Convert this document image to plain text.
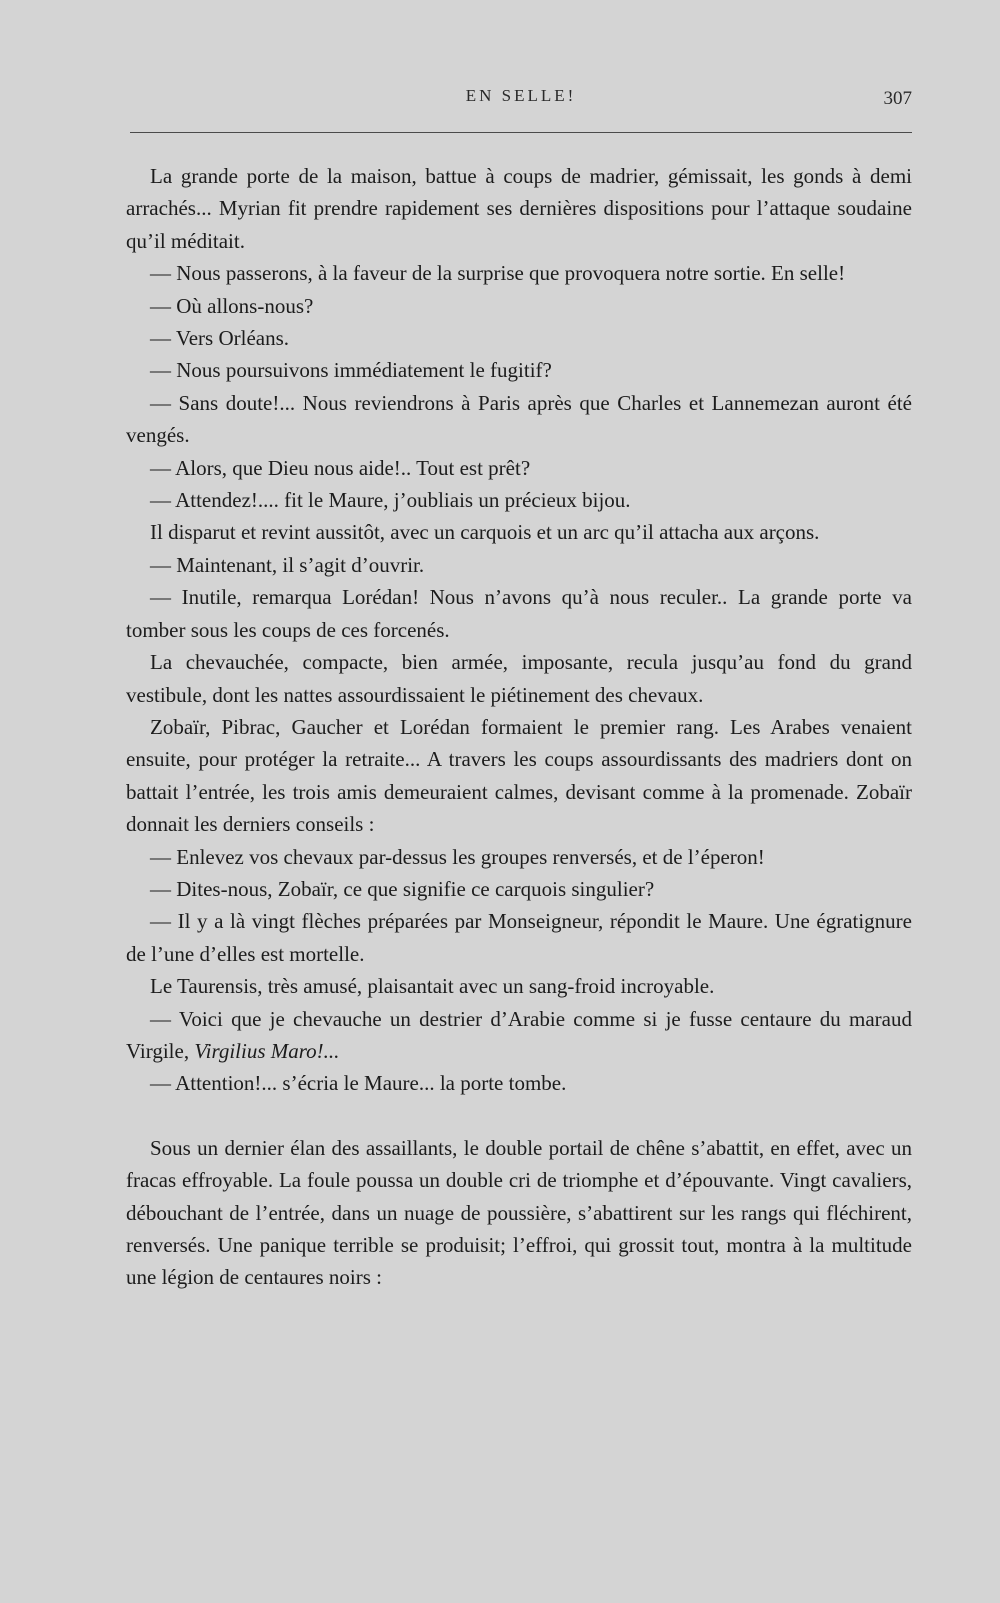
EN SELLE!	307

La grande porte de la maison, battue à coups de madrier, gémissait, les gonds à demi arrachés... Myrian fit prendre rapidement ses dernières dispositions pour l’attaque soudaine qu’il méditait.

— Nous passerons, à la faveur de la surprise que provoquera notre sortie. En selle!

— Où allons-nous?

— Vers Orléans.

— Nous poursuivons immédiatement le fugitif?

— Sans doute!... Nous reviendrons à Paris après que Charles et Lannemezan auront été vengés.

— Alors, que Dieu nous aide!.. Tout est prêt?

— Attendez!.... fit le Maure, j’oubliais un précieux bijou.

Il disparut et revint aussitôt, avec un carquois et un arc qu’il attacha aux arçons.

— Maintenant, il s’agit d’ouvrir.

— Inutile, remarqua Lorédan! Nous n’avons qu’à nous reculer.. La grande porte va tomber sous les coups de ces forcenés.

La chevauchée, compacte, bien armée, imposante, recula jusqu’au fond du grand vestibule, dont les nattes assourdissaient le piétinement des chevaux.

Zobaïr, Pibrac, Gaucher et Lorédan formaient le premier rang. Les Arabes venaient ensuite, pour protéger la retraite... A travers les coups assourdissants des madriers dont on battait l’entrée, les trois amis demeuraient calmes, devisant comme à la promenade. Zobaïr donnait les derniers conseils :

— Enlevez vos chevaux par-dessus les groupes renversés, et de l’éperon!

— Dites-nous, Zobaïr, ce que signifie ce carquois singulier?

— Il y a là vingt flèches préparées par Monseigneur, répondit le Maure. Une égratignure de l’une d’elles est mortelle.

Le Taurensis, très amusé, plaisantait avec un sang-froid incroyable.

— Voici que je chevauche un destrier d’Arabie comme si je fusse centaure du maraud Virgile, Virgilius Maro!...

— Attention!... s’écria le Maure... la porte tombe.

Sous un dernier élan des assaillants, le double portail de chêne s’abattit, en effet, avec un fracas effroyable. La foule poussa un double cri de triomphe et d’épouvante. Vingt cavaliers, débouchant de l’entrée, dans un nuage de poussière, s’abattirent sur les rangs qui fléchirent, renversés. Une panique terrible se produisit; l’effroi, qui grossit tout, montra à la multitude une légion de centaures noirs :
